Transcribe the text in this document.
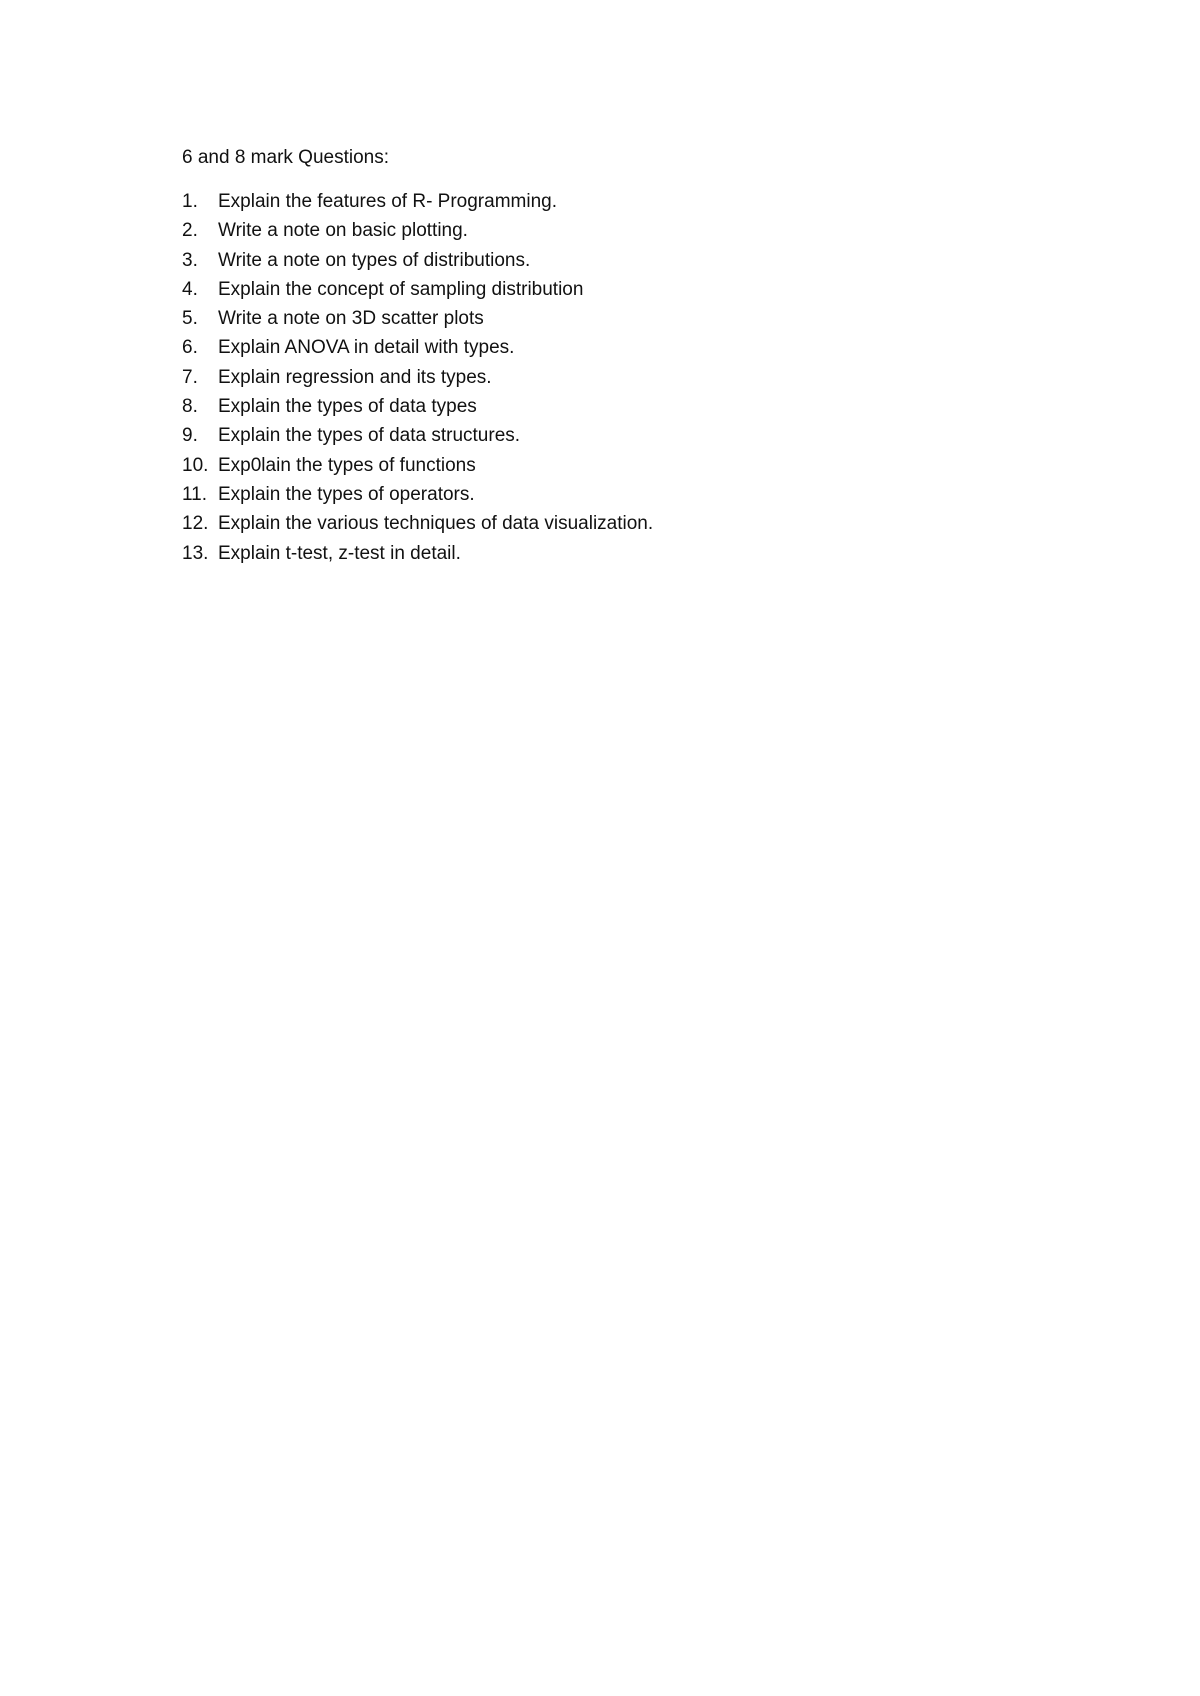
6 and 8 mark Questions:
1.	Explain the features of R- Programming.
2.	Write a note on basic plotting.
3.	Write a note on types of distributions.
4.	Explain the concept of sampling distribution
5.	Write a note on 3D scatter plots
6.	Explain ANOVA in detail with types.
7.	Explain regression and its types.
8.	Explain the types of data types
9.	Explain the types of data structures.
10. Exp0lain the types of functions
11. Explain the types of operators.
12. Explain the various techniques of data visualization.
13. Explain t-test, z-test in detail.
